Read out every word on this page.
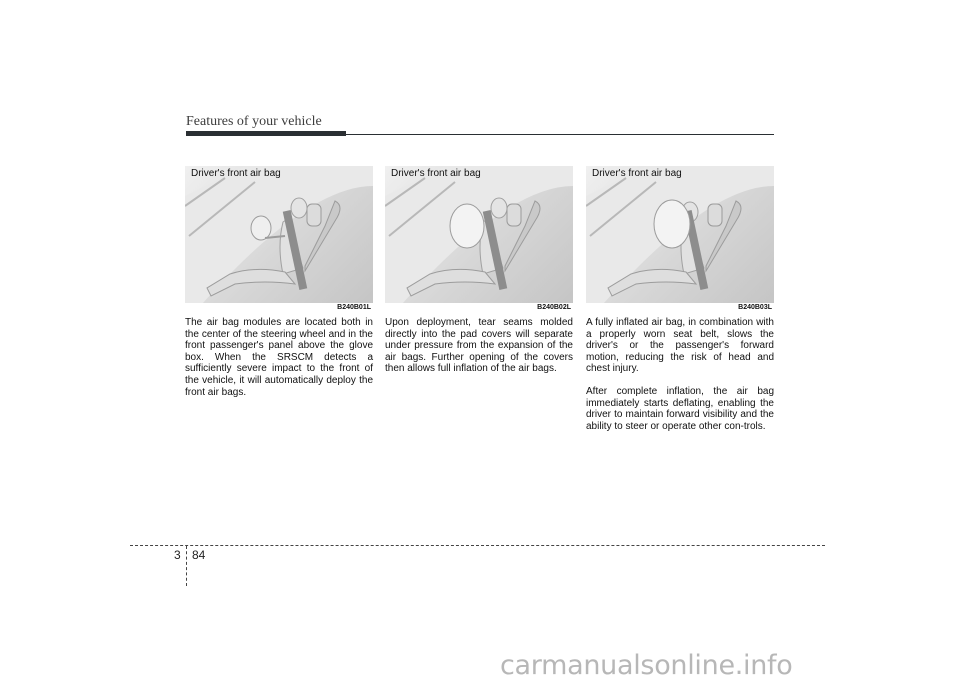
Features of your vehicle
Driver's front air bag
B240B01L
Driver's front air bag
B240B02L
Driver's front air bag
B240B03L

The air bag modules are located both in the center of the steering wheel and in the front passenger's panel above the glove box. When the SRSCM detects a sufficiently severe impact to the front of the vehicle, it will automatically deploy the front air bags.

Upon deployment, tear seams molded directly into the pad covers will separate under pressure from the expansion of the air bags. Further opening of the covers then allows full inflation of the air bags.

A fully inflated air bag, in combination with a properly worn seat belt, slows the driver's or the passenger's forward motion, reducing the risk of head and chest injury.

After complete inflation, the air bag immediately starts deflating, enabling the driver to maintain forward visibility and the ability to steer or operate other con-trols.

3 84
carmanualsonline.info
